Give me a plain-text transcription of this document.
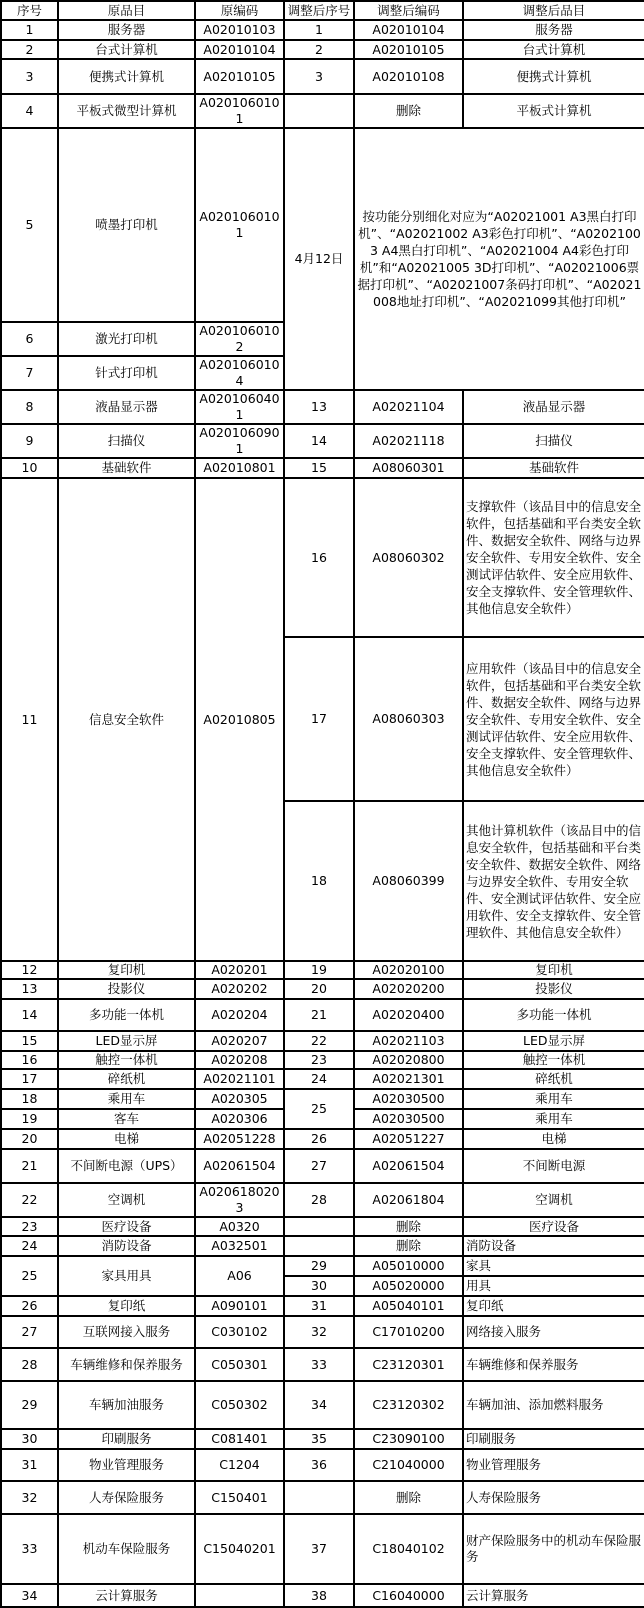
序号	原品目	原编码	调整后序号	调整后编码	调整后品目
1	服务器	A02010103	1	A02010104	服务器
2	台式计算机	A02010104	2	A02010105	台式计算机
3	便携式计算机	A02010105	3	A02010108	便携式计算机
4	平板式微型计算机	A0201060101		删除	平板式计算机
5	喷墨打印机	A0201060101	4月12日	按功能分别细化对应为“A02021001 A3黑白打印机”、“A02021002 A3彩色打印机”、“A02021003 A4黑白打印机”、“A02021004 A4彩色打印机”和“A02021005 3D打印机”、“A02021006票据打印机”、“A02021007条码打印机”、“A02021008地址打印机”、“A02021099其他打印机”	
6	激光打印机	A0201060102			
7	针式打印机	A0201060104			
8	液晶显示器	A0201060401	13	A02021104	液晶显示器
9	扫描仪	A0201060901	14	A02021118	扫描仪
10	基础软件	A02010801	15	A08060301	基础软件
11	信息安全软件	A02010805	16	A08060302	支撑软件（该品目中的信息安全软件，包括基础和平台类安全软件、数据安全软件、网络与边界安全软件、专用安全软件、安全测试评估软件、安全应用软件、安全支撑软件、安全管理软件、其他信息安全软件）
			17	A08060303	应用软件（该品目中的信息安全软件，包括基础和平台类安全软件、数据安全软件、网络与边界安全软件、专用安全软件、安全测试评估软件、安全应用软件、安全支撑软件、安全管理软件、其他信息安全软件）
			18	A08060399	其他计算机软件（该品目中的信息安全软件，包括基础和平台类安全软件、数据安全软件、网络与边界安全软件、专用安全软件、安全测试评估软件、安全应用软件、安全支撑软件、安全管理软件、其他信息安全软件）
12	复印机	A020201	19	A02020100	复印机
13	投影仪	A020202	20	A02020200	投影仪
14	多功能一体机	A020204	21	A02020400	多功能一体机
15	LED显示屏	A020207	22	A02021103	LED显示屏
16	触控一体机	A020208	23	A02020800	触控一体机
17	碎纸机	A02021101	24	A02021301	碎纸机
18	乘用车	A020305	25	A02030500	乘用车
19	客车	A020306		A02030500	乘用车
20	电梯	A02051228	26	A02051227	电梯
21	不间断电源（UPS）	A02061504	27	A02061504	不间断电源
22	空调机	A0206180203	28	A02061804	空调机
23	医疗设备	A0320		删除	医疗设备
24	消防设备	A032501		删除	消防设备
25	家具用具	A06	29	A05010000	家具
			30	A05020000	用具
26	复印纸	A090101	31	A05040101	复印纸
27	互联网接入服务	C030102	32	C17010200	网络接入服务
28	车辆维修和保养服务	C050301	33	C23120301	车辆维修和保养服务
29	车辆加油服务	C050302	34	C23120302	车辆加油、添加燃料服务
30	印刷服务	C081401	35	C23090100	印刷服务
31	物业管理服务	C1204	36	C21040000	物业管理服务
32	人寿保险服务	C150401		删除	人寿保险服务
33	机动车保险服务	C15040201	37	C18040102	财产保险服务中的机动车保险服务
34	云计算服务		38	C16040000	云计算服务
